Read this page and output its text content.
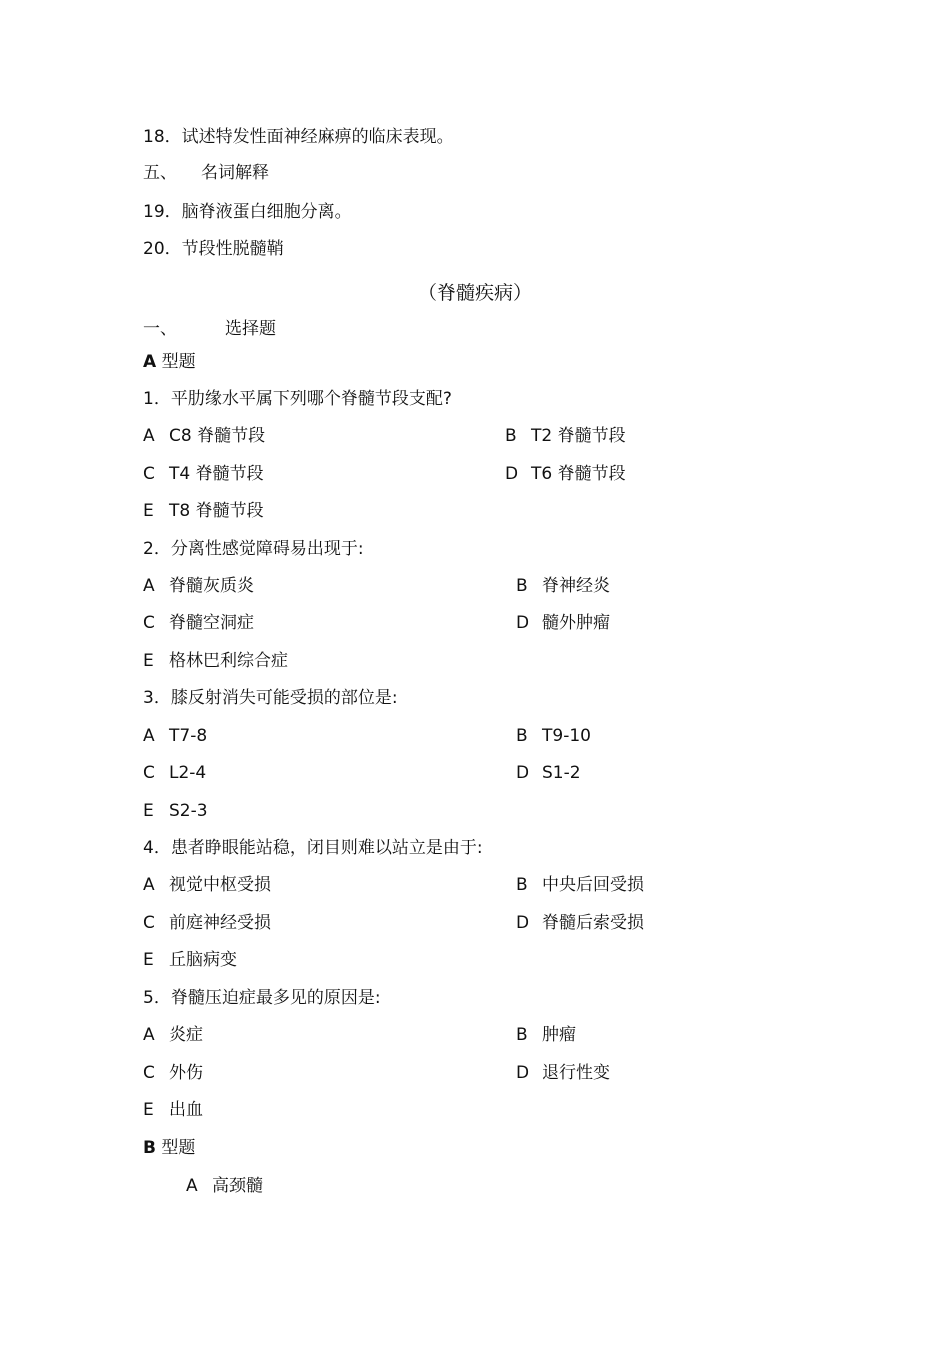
18．试述特发性面神经麻痹的临床表现。
五、 名词解释
19．脑脊液蛋白细胞分离。
20．节段性脱髓鞘
（脊髓疾病）
一、	选择题
A 型题
1．平肋缘水平属下列哪个脊髓节段支配?
A C8 脊髓节段	B T2 脊髓节段
C T4 脊髓节段	D T6 脊髓节段
E T8 脊髓节段
2．分离性感觉障碍易出现于:
A 脊髓灰质炎	B 脊神经炎
C 脊髓空洞症	D 髓外肿瘤
E 格林巴利综合症
3．膝反射消失可能受损的部位是:
A T7-8	B T9-10
C L2-4	D S1-2
E S2-3
4．患者睁眼能站稳，闭目则难以站立是由于:
A 视觉中枢受损	B 中央后回受损
C 前庭神经受损	D 脊髓后索受损
E 丘脑病变
5．脊髓压迫症最多见的原因是:
A 炎症	B 肿瘤
C 外伤	D 退行性变
E 出血
B 型题
A 高颈髓
